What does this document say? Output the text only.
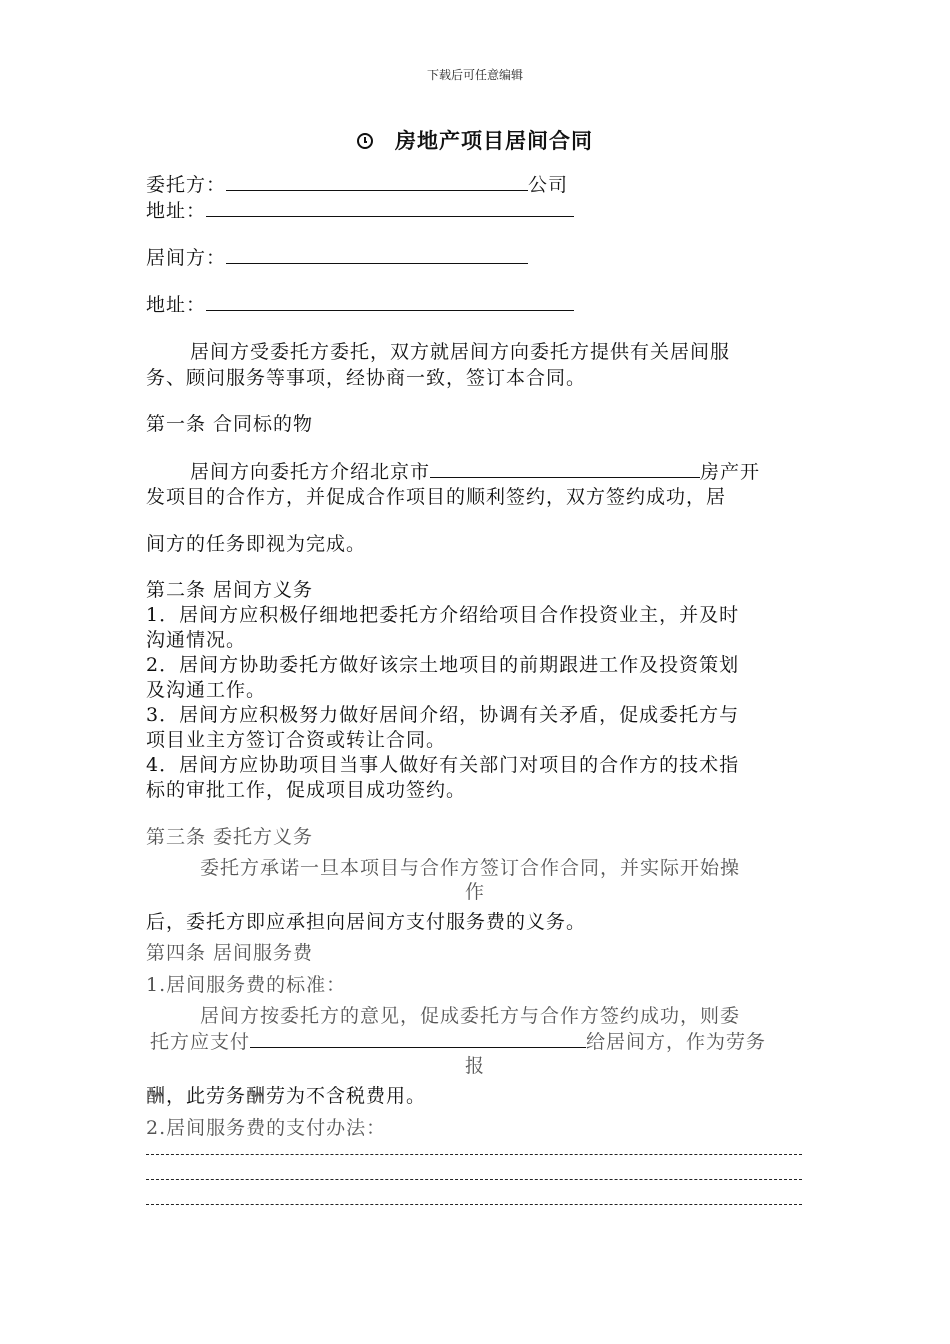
下载后可任意编辑
房地产项目居间合同
委托方：	公司
地址：
居间方：
地址：
居间方受委托方委托，双方就居间方向委托方提供有关居间服
务、顾问服务等事项，经协商一致，签订本合同。
第一条 合同标的物
居间方向委托方介绍北京市	房产开
发项目的合作方，并促成合作项目的顺利签约，双方签约成功，居
间方的任务即视为完成。
第二条 居间方义务
1．居间方应积极仔细地把委托方介绍给项目合作投资业主，并及时
沟通情况。
2．居间方协助委托方做好该宗土地项目的前期跟进工作及投资策划
及沟通工作。
3．居间方应积极努力做好居间介绍，协调有关矛盾，促成委托方与
项目业主方签订合资或转让合同。
4．居间方应协助项目当事人做好有关部门对项目的合作方的技术指
标的审批工作，促成项目成功签约。
第三条 委托方义务
委托方承诺一旦本项目与合作方签订合作合同，并实际开始操
作
后，委托方即应承担向居间方支付服务费的义务。
第四条 居间服务费
1.居间服务费的标准：
居间方按委托方的意见，促成委托方与合作方签约成功，则委
托方应支付	给居间方，作为劳务
报
酬，此劳务酬劳为不含税费用。
2.居间服务费的支付办法：
